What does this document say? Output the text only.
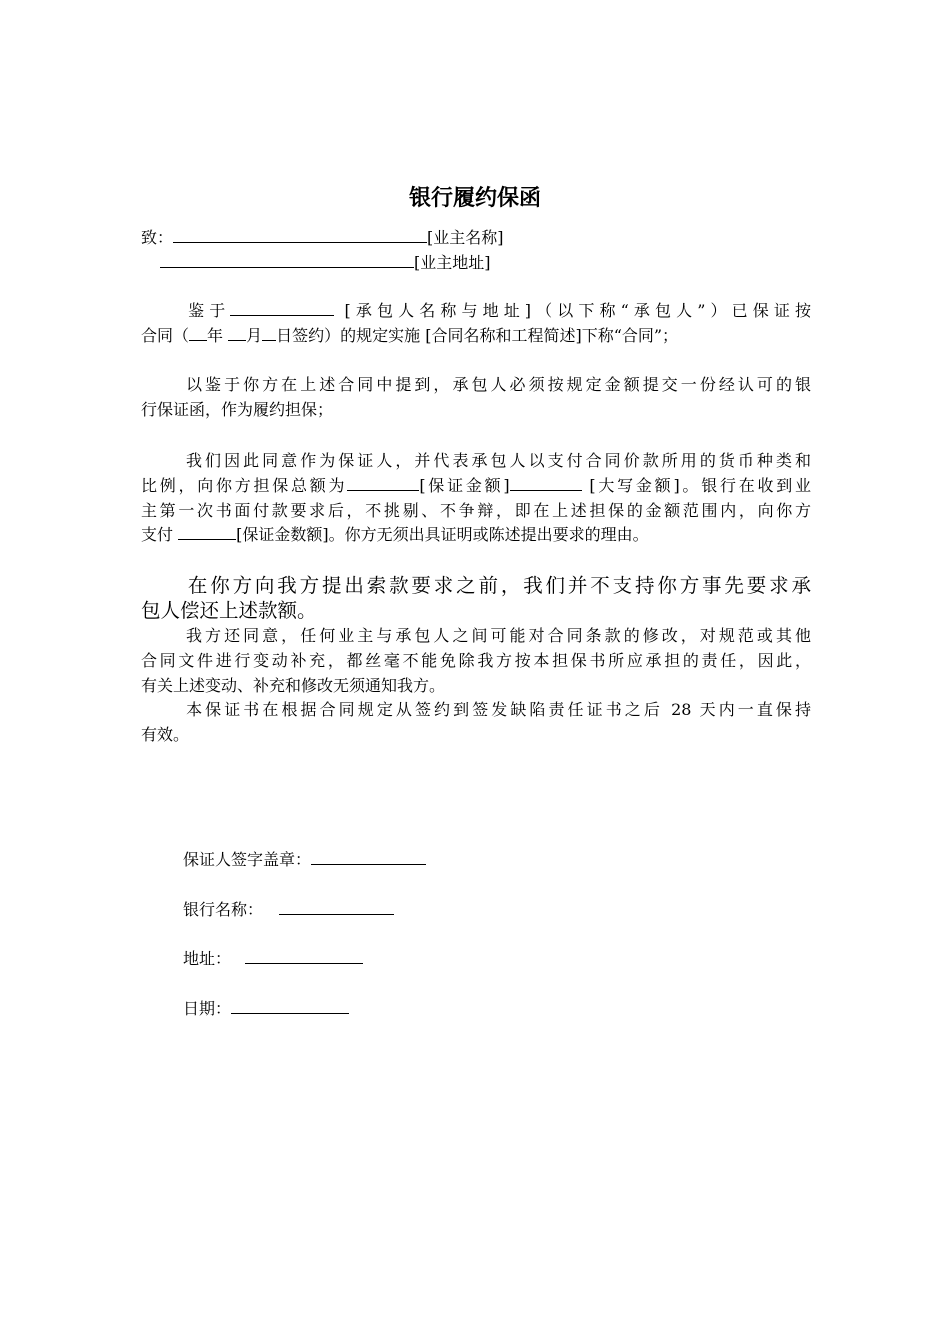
银行履约保函
致：	[业主名称]
[业主地址]
鉴于	[承包人名称与地址]（以下称“承包人”）已保证按
合同（ 年 月 日签约）的规定实施 [合同名称和工程简述]下称“合同”；
以鉴于你方在上述合同中提到，承包人必须按规定金额提交一份经认可的银
行保证函，作为履约担保；
我们因此同意作为保证人，并代表承包人以支付合同价款所用的货币种类和
比例，向你方担保总额为	[保证金额]	[大写金额]。银行在收到业
主第一次书面付款要求后，不挑剔、不争辩，即在上述担保的金额范围内，向你方
支付	[保证金数额]。你方无须出具证明或陈述提出要求的理由。
在你方向我方提出索款要求之前，我们并不支持你方事先要求承
包人偿还上述款额。
我方还同意，任何业主与承包人之间可能对合同条款的修改，对规范或其他
合同文件进行变动补充，都丝毫不能免除我方按本担保书所应承担的责任，因此，
有关上述变动、补充和修改无须通知我方。
本保证书在根据合同规定从签约到签发缺陷责任证书之后 28 天内一直保持
有效。
保证人签字盖章：
银行名称：
地址：
日期：
